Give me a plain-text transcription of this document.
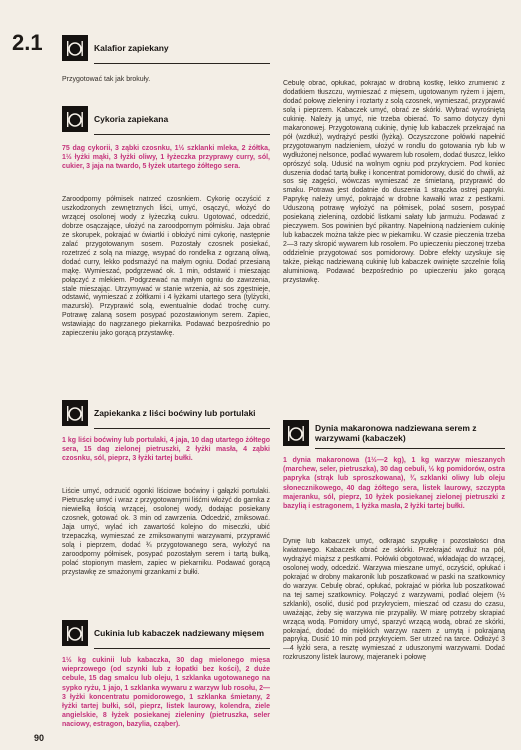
2.1
90
Kalafior zapiekany
Przygotować tak jak brokuły.
Cykoria zapiekana
75 dag cykorii, 3 ząbki czosnku, 1½ szklanki mleka, 2 żółtka, 1½ łyżki mąki, 3 łyżki oliwy, 1 łyżeczka przyprawy curry, sól, cukier, 3 jaja na twardo, 5 łyżek utartego żółtego sera.
Zaroodporny półmisek natrzeć czosnkiem. Cykorię oczyścić z uszkodzonych zewnętrznych liści, umyć, osączyć, włożyć do wrzącej osolonej wody z łyżeczką cukru. Ugotować, odcedzić, dobrze osączające, ułożyć na zaroodpornym półmisku. Jaja obrać ze skorupek, pokrajać w ćwiartki i obłożyć nimi cykorię, następnie zalać przygotowanym sosem. Pozostały czosnek posiekać, rozetrzeć z solą na miazgę, wsypać do rondelka z ogrzaną oliwą, dodać curry, lekko podsmażyć na małym ogniu. Dodać przesianą mąkę. Wymieszać, podgrzewać ok. 1 min, odstawić i mieszając połączyć z mlekiem. Podgrzewać na małym ogniu do zawrzenia, stale mieszając. Utrzymywać w stanie wrzenia, aż sos zgęstnieje, odstawić, wymieszać z żółtkami i 4 łyżkami utartego sera (tylżycki, mazurski). Przyprawić solą, ewentualnie dodać trochę curry. Potrawę zalaną sosem posypać pozostawionym serem. Zapiec, wstawiając do nagrzanego piekarnika. Podawać bezpośrednio po zapieczeniu jako gorącą przystawkę.
Zapiekanka z liści boćwiny lub portulaki
1 kg liści boćwiny lub portulaki, 4 jaja, 10 dag utartego żółtego sera, 15 dag zielonej pietruszki, 2 łyżki masła, 4 ząbki czosnku, sól, pieprz, 3 łyżki tartej bułki.
Liście umyć, odrzucić ogonki liściowe boćwiny i gałązki portulaki. Pietruszkę umyć i wraz z przygotowanymi liśćmi włożyć do garnka z niewielką ilością wrzącej, osolonej wody, dodając posiekany czosnek, gotować ok. 3 min od zawrzenia. Odcedzić, zmiksować. Jaja umyć, wylać ich zawartość kolejno do miseczki, ubić trzepaczką, wymieszać ze zmiksowanymi warzywami, przyprawić solą i pieprzem, dodać ¾ przygotowanego sera, wyłożyć na zaroodporny półmisek, posypać pozostałym serem i tartą bułką, polać stopionym masłem, zapiec w piekarniku. Podawać gorącą przystawkę ze smażonymi grzankami z bułki.
Cukinia lub kabaczek nadziewany mięsem
1½ kg cukinii lub kabaczka, 30 dag mielonego mięsa wieprzowego (od szynki lub z łopatki bez kości), 2 duże cebule, 15 dag smalcu lub oleju, 1 szklanka ugotowanego na sypko ryżu, 1 jajo, 1 szklanka wywaru z warzyw lub rosołu, 2—3 łyżki koncentratu pomidorowego, 1 szklanka śmietany, 2 łyżki tartej bułki, sól, pieprz, listek laurowy, kolendra, ziele angielskie, 8 łyżek posiekanej zieleniny (pietruszka, seler naciowy, estragon, bazylia, cząber).
Cebulę obrać, opłukać, pokrajać w drobną kostkę, lekko zrumienić z dodatkiem tłuszczu, wymieszać z mięsem, ugotowanym ryżem i jajem, dodać połowę zieleniny i roztarty z solą czosnek, wymieszać, przyprawić solą i pieprzem. Kabaczek umyć, obrać ze skórki. Wybrać wyrośniętą cukinię. Należy ją umyć, nie trzeba obierać. To samo dotyczy dyni makaronowej. Przygotowaną cukinię, dynię lub kabaczek przekrajać na pół (wzdłuż), wydrążyć pestki (łyżką). Oczyszczone połówki napełnić przygotowanym nadzieniem, ułożyć w rondlu do gotowania ryb lub w wydłużonej nelsonce, podlać wywarem lub rosołem, dodać tłuszcz, lekko oprószyć solą. Udusić na wolnym ogniu pod przykryciem. Pod koniec duszenia dodać tartą bułkę i koncentrat pomidorowy, dusić do chwili, aż sos się zagęści, wówczas wymieszać ze śmietaną, przyprawić do smaku. Potrawa jest dodatnie do duszenia 1 strączka ostrej papryki. Paprykę należy umyć, pokrajać w drobne kawałki wraz z pestkami. Uduszoną potrawę wyłożyć na półmisek, polać sosem, posypać posiekaną zieleniną, ozdobić listkami sałaty lub jarmużu. Podawać z pieczywem. Sos powinien być pikantny. Napełnioną nadzieniem cukinię lub kabaczek można także piec w piekarniku. W czasie pieczenia trzeba 2—3 razy skropić wywarem lub rosołem. Po upieczeniu pieczonej trzeba oddzielnie przygotować sos pomidorowy. Dobre efekty uzyskuje się także, piekąc nadziewaną cukinię lub kabaczek owinięte szczelnie folią aluminiową. Podawać bezpośrednio po upieczeniu jako gorącą przystawkę.
Dynia makaronowa nadziewana serem z warzywami (kabaczek)
1 dynia makaronowa (1½—2 kg), 1 kg warzyw mieszanych (marchew, seler, pietruszka), 30 dag cebuli, ½ kg pomidorów, ostra papryka (strąk lub sproszkowana), ¾ szklanki oliwy lub oleju słonecznikowego, 40 dag żółtego sera, listek laurowy, szczypta majeranku, sól, pieprz, 10 łyżek posiekanej zielonej pietruszki z bazylią i estragonem, 1 łyżka masła, 2 łyżki tartej bułki.
Dynię lub kabaczek umyć, odkrajać szypułkę i pozostałości dna kwiatowego. Kabaczek obrać ze skórki. Przekrajać wzdłuż na pół, wydrążyć miąższ z pestkami. Połówki obgotować, wkładając do wrzącej, osolonej wody, odcedzić. Warzywa mieszane umyć, oczyścić, opłukać i pokrajać w drobny makaronik lub poszatkować w paski na szatkownicy do warzyw. Cebulę obrać, opłukać, pokrajać w piórka lub poszatkować na tej samej szatkownicy. Połączyć z warzywami, podlać olejem (½ szklanki), osolić, dusić pod przykryciem, mieszać od czasu do czasu, uważając, żeby się warzywa nie przypaliły. W miarę potrzeby skrapiać wrzącą wodą. Pomidory umyć, sparzyć wrzącą wodą, obrać ze skórki, pokrajać, dodać do miękkich warzyw razem z umytą i pokrajaną papryką. Dusić 10 min pod przykryciem. Ser utrzeć na tarce. Odłożyć 3—4 łyżki sera, a resztę wymieszać z uduszonymi warzywami. Dodać rozkruszony listek laurowy, majeranek i połowę
